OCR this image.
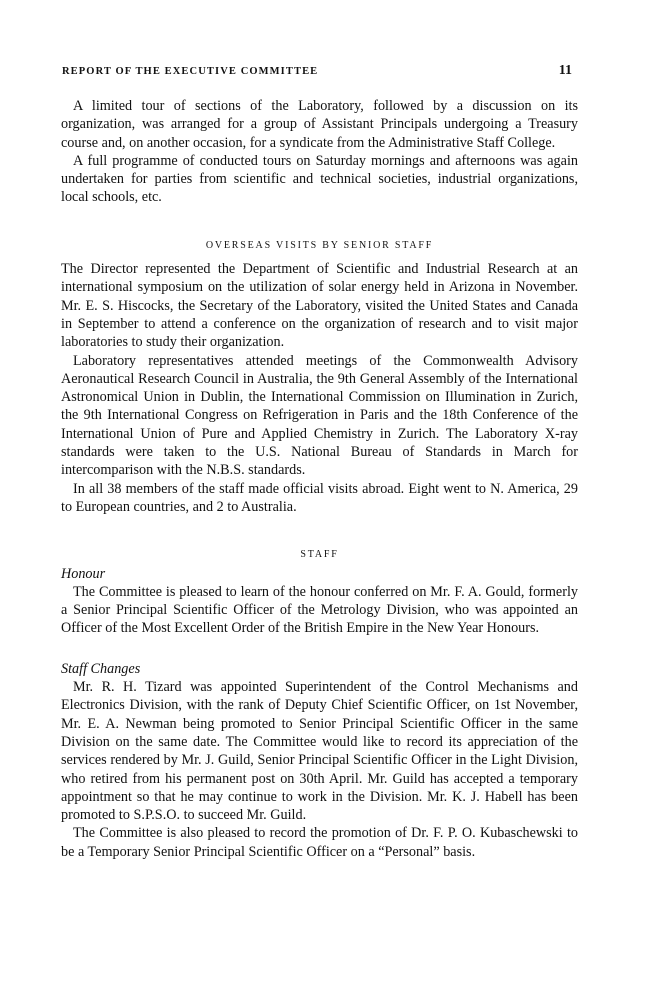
REPORT OF THE EXECUTIVE COMMITTEE	11

A limited tour of sections of the Laboratory, followed by a discussion on its organization, was arranged for a group of Assistant Principals undergoing a Treasury course and, on another occasion, for a syndicate from the Administrative Staff College.

A full programme of conducted tours on Saturday mornings and afternoons was again undertaken for parties from scientific and technical societies, industrial organizations, local schools, etc.

OVERSEAS VISITS BY SENIOR STAFF

The Director represented the Department of Scientific and Industrial Research at an international symposium on the utilization of solar energy held in Arizona in November. Mr. E. S. Hiscocks, the Secretary of the Laboratory, visited the United States and Canada in September to attend a conference on the organization of research and to visit major laboratories to study their organization.

Laboratory representatives attended meetings of the Commonwealth Advisory Aeronautical Research Council in Australia, the 9th General Assembly of the International Astronomical Union in Dublin, the International Commission on Illumination in Zurich, the 9th International Congress on Refrigeration in Paris and the 18th Conference of the International Union of Pure and Applied Chemistry in Zurich. The Laboratory X-ray standards were taken to the U.S. National Bureau of Standards in March for intercomparison with the N.B.S. standards.

In all 38 members of the staff made official visits abroad. Eight went to N. America, 29 to European countries, and 2 to Australia.

STAFF
Honour

The Committee is pleased to learn of the honour conferred on Mr. F. A. Gould, formerly a Senior Principal Scientific Officer of the Metrology Division, who was appointed an Officer of the Most Excellent Order of the British Empire in the New Year Honours.

Staff Changes

Mr. R. H. Tizard was appointed Superintendent of the Control Mechanisms and Electronics Division, with the rank of Deputy Chief Scientific Officer, on 1st November, Mr. E. A. Newman being promoted to Senior Principal Scientific Officer in the same Division on the same date. The Committee would like to record its appreciation of the services rendered by Mr. J. Guild, Senior Principal Scientific Officer in the Light Division, who retired from his permanent post on 30th April. Mr. Guild has accepted a temporary appointment so that he may continue to work in the Division. Mr. K. J. Habell has been promoted to S.P.S.O. to succeed Mr. Guild.

The Committee is also pleased to record the promotion of Dr. F. P. O. Kubaschewski to be a Temporary Senior Principal Scientific Officer on a “Personal” basis.
